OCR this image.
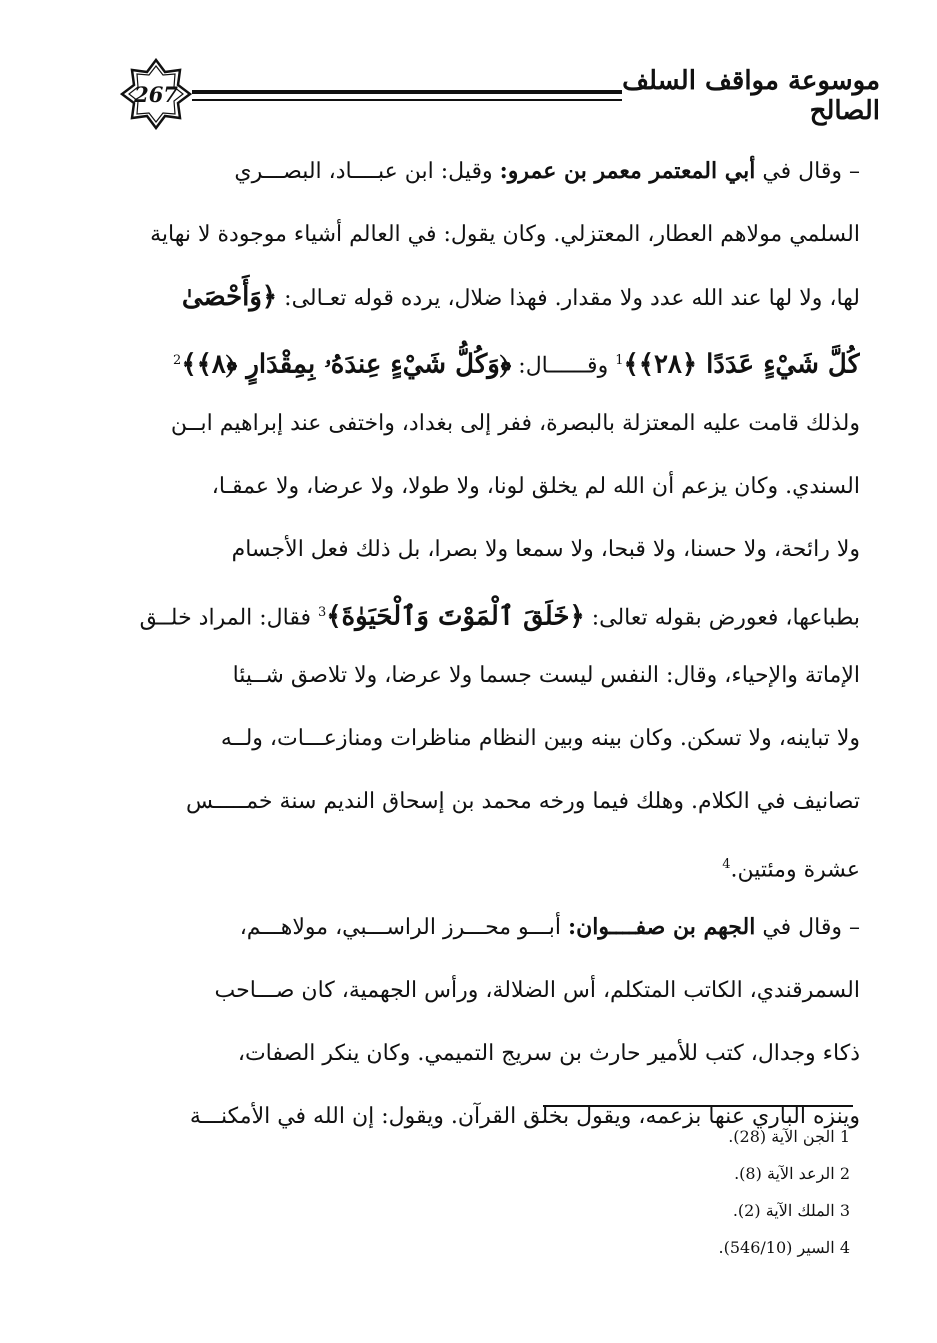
267	موسوعة مواقف السلف الصالح
– وقال في أبي المعتمر معمر بن عمرو: وقيل: ابن عبــــاد، البصـــري
السلمي مولاهم العطار، المعتزلي. وكان يقول: في العالم أشياء موجودة لا نهاية
لها، ولا لها عند الله عدد ولا مقدار. فهذا ضلال، يرده قوله تعـالى: ﴿وَأَحْصَىٰ
كُلَّ شَيْءٍ عَدَدًا ﴿٢٨﴾﴾$^1$ وقــــــال: ﴿وَكُلُّ شَيْءٍ عِندَهُۥ بِمِقْدَارٍ ﴿٨﴾﴾$^2$
ولذلك قامت عليه المعتزلة بالبصرة، ففر إلى بغداد، واختفى عند إبراهيم ابــن
السندي. وكان يزعم أن الله لم يخلق لونا، ولا طولا، ولا عرضا، ولا عمقـا،
ولا رائحة، ولا حسنا، ولا قبحا، ولا سمعا ولا بصرا، بل ذلك فعل الأجسام
بطباعها، فعورض بقوله تعالى: ﴿خَلَقَ ٱلْمَوْتَ وَٱلْحَيَوٰةَ﴾$^3$ فقال: المراد خلــق
الإماتة والإحياء، وقال: النفس ليست جسما ولا عرضا، ولا تلاصق شــيئا
ولا تباينه، ولا تسكن. وكان بينه وبين النظام مناظرات ومنازعـــات، ولــه
تصانيف في الكلام. وهلك فيما ورخه محمد بن إسحاق النديم سنة خمـــــس
عشرة ومئتين.$^4$
– وقال في الجهم بن صفــــوان: أبـــو محـــرز الراســـبي، مولاهـــم،
السمرقندي، الكاتب المتكلم، أس الضلالة، ورأس الجهمية، كان صـــاحب
ذكاء وجدال، كتب للأمير حارث بن سريج التميمي. وكان ينكر الصفات،
وينزه الباري عنها بزعمه، ويقول بخلق القرآن. ويقول: إن الله في الأمكنـــة
1 الجن الآية (28).
2 الرعد الآية (8).
3 الملك الآية (2).
4 السير (546/10).
